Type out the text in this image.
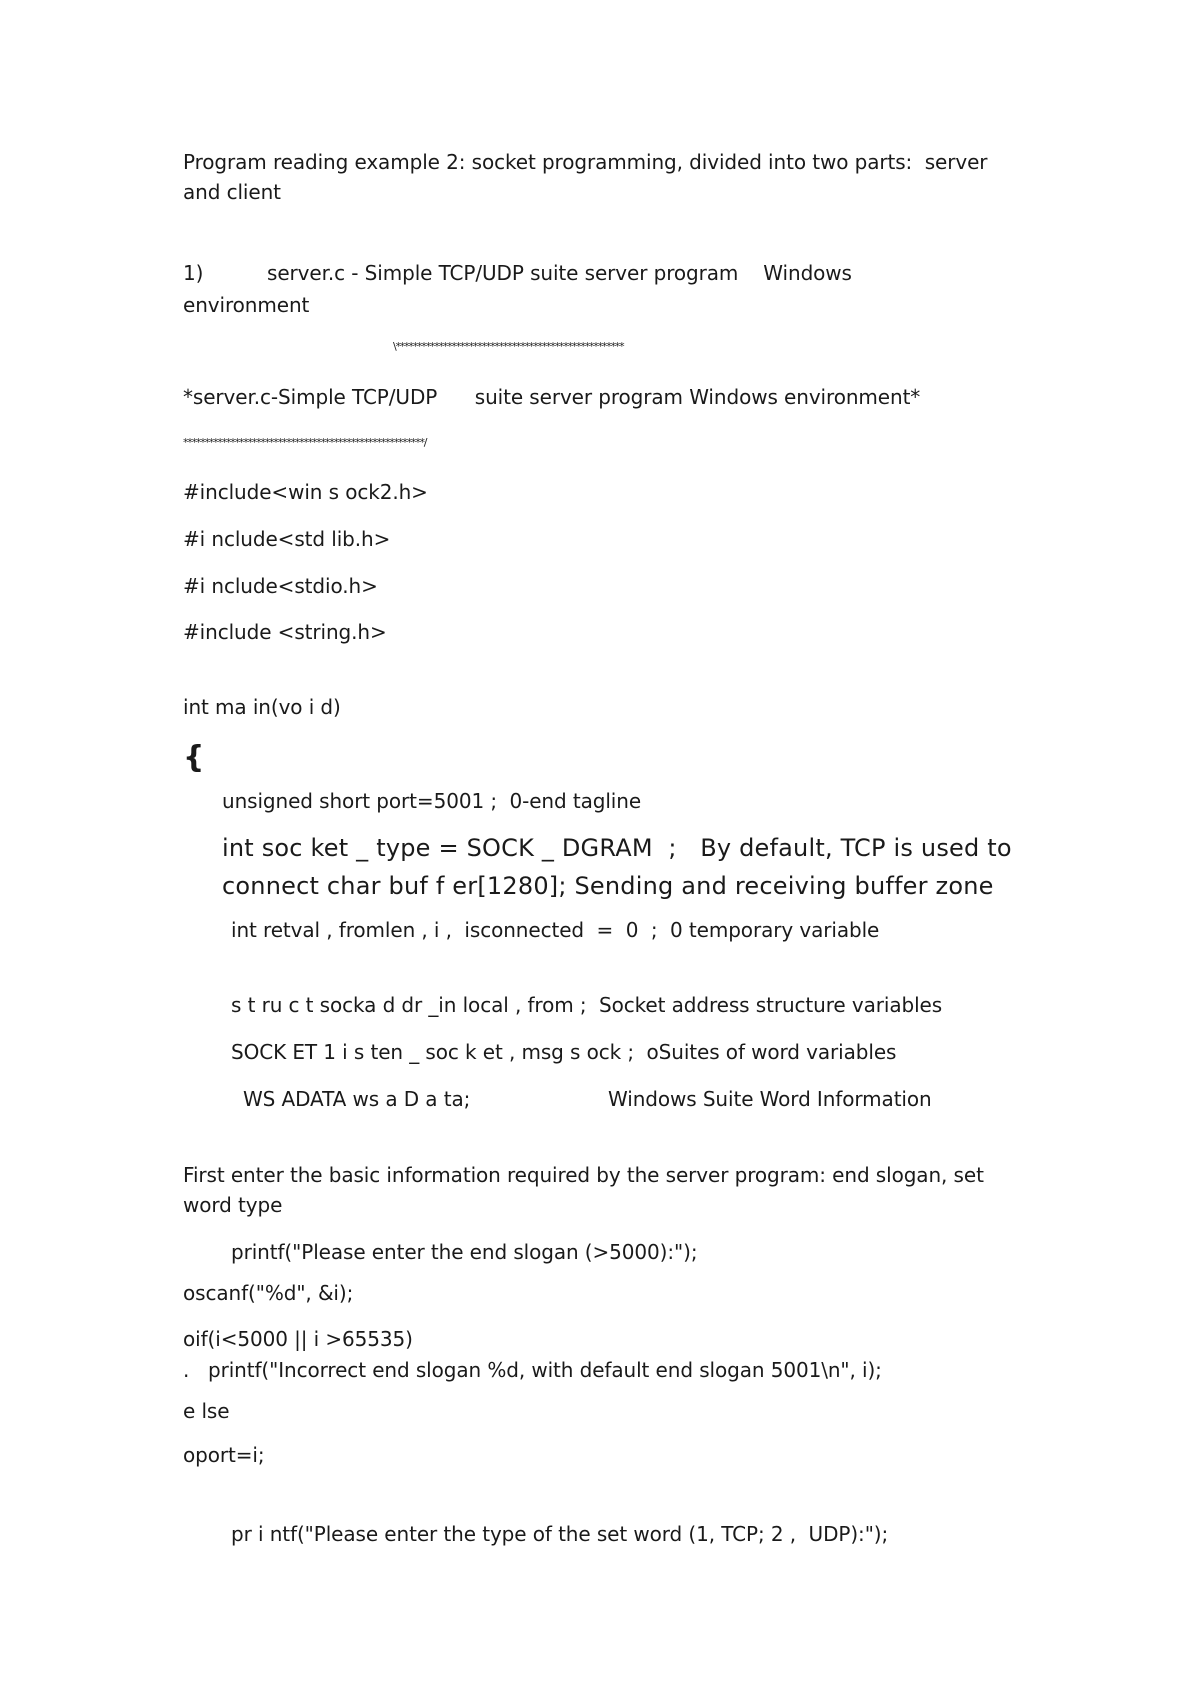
Program reading example 2: socket programming, divided into two parts:  server
and client
1)	server.c - Simple TCP/UDP suite server program    Windows
environment
\*****************************************************
*server.c-Simple TCP/UDP      suite server program Windows environment*
********************************************************/
#include<win s ock2.h>
#i nclude<std lib.h>
#i nclude<stdio.h>
#include <string.h>
int ma in(vo i d)
{
unsigned short port=5001 ;  0-end tagline
int soc ket _ type = SOCK _ DGRAM  ;   By default, TCP is used to
connect char buf f er[1280]; Sending and receiving buffer zone
int retval , fromlen , i ,  isconnected  =  0  ;  0 temporary variable
s t ru c t socka d dr _in local , from ;  Socket address structure variables
SOCK ET 1 i s ten _ soc k et , msg s ock ;  oSuites of word variables
WS ADATA ws a D a ta;	Windows Suite Word Information
First enter the basic information required by the server program: end slogan, set
word type
printf("Please enter the end slogan (>5000):");
oscanf("%d", &i);
oif(i<5000 || i >65535)
. printf("Incorrect end slogan %d, with default end slogan 5001\n", i);
e lse
oport=i;
pr i ntf("Please enter the type of the set word (1, TCP; 2 ,  UDP):");
